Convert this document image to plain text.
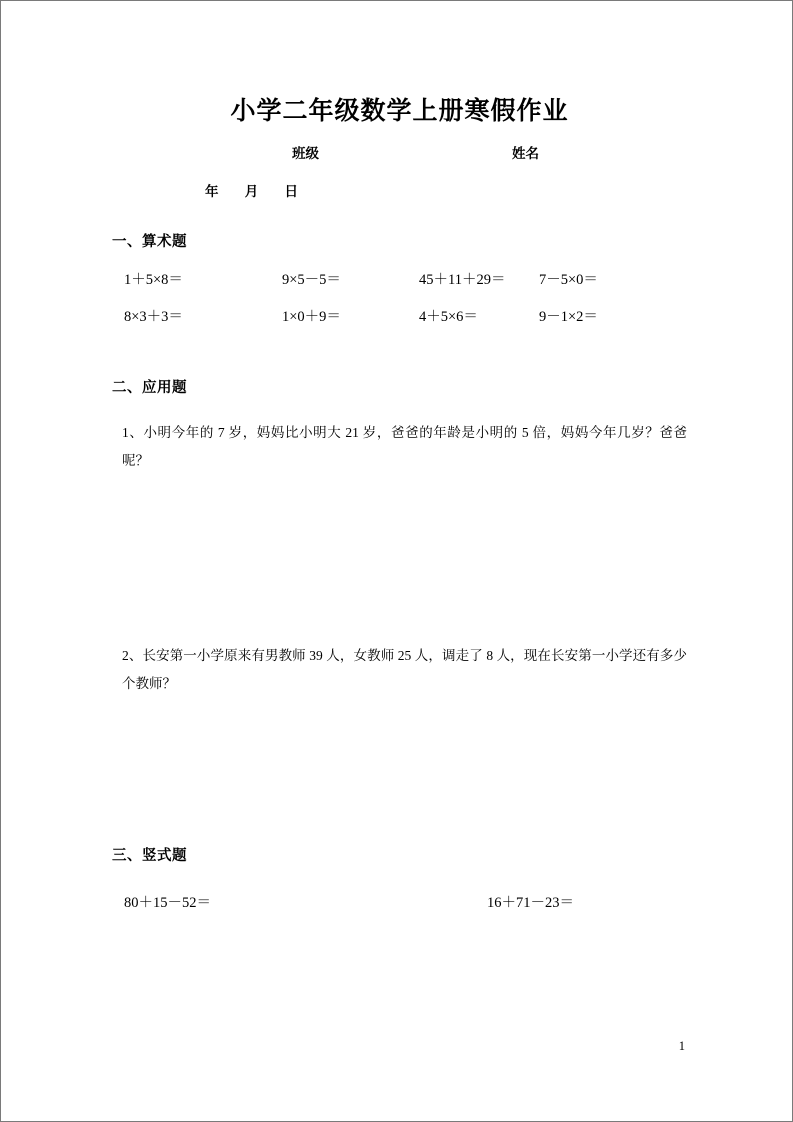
小学二年级数学上册寒假作业
班级	姓名
年 月 日
一、算术题
1＋5×8＝	9×5－5＝	45＋11＋29＝	7－5×0＝
8×3＋3＝	1×0＋9＝	4＋5×6＝	9－1×2＝
二、应用题
1、小明今年的 7 岁，妈妈比小明大 21 岁，爸爸的年龄是小明的 5 倍，妈妈今年几岁？爸爸呢？
2、长安第一小学原来有男教师 39 人，女教师 25 人，调走了 8 人，现在长安第一小学还有多少个教师？
三、竖式题
80＋15－52＝	16＋71－23＝
1
